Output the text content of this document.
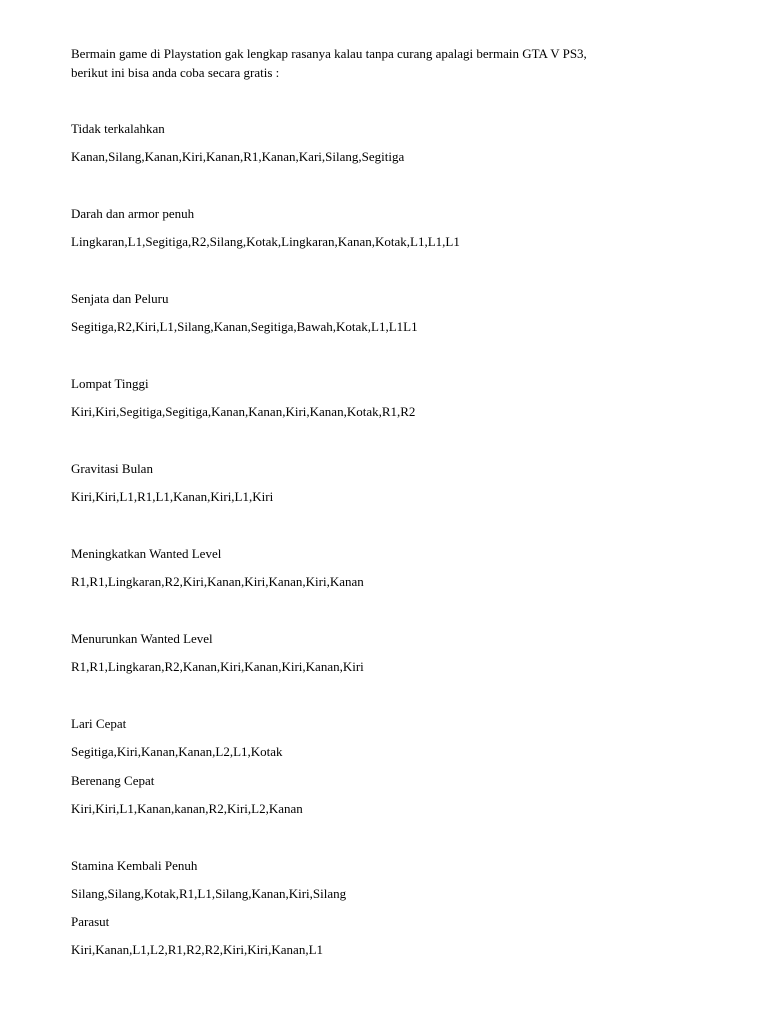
Bermain game di Playstation gak lengkap rasanya kalau tanpa curang apalagi bermain GTA V PS3,
berikut ini bisa anda coba secara gratis :

Tidak terkalahkan

Kanan,Silang,Kanan,Kiri,Kanan,R1,Kanan,Kari,Silang,Segitiga

Darah dan armor penuh

Lingkaran,L1,Segitiga,R2,Silang,Kotak,Lingkaran,Kanan,Kotak,L1,L1,L1

Senjata dan Peluru

Segitiga,R2,Kiri,L1,Silang,Kanan,Segitiga,Bawah,Kotak,L1,L1L1

Lompat Tinggi

Kiri,Kiri,Segitiga,Segitiga,Kanan,Kanan,Kiri,Kanan,Kotak,R1,R2

Gravitasi Bulan

Kiri,Kiri,L1,R1,L1,Kanan,Kiri,L1,Kiri

Meningkatkan Wanted Level

R1,R1,Lingkaran,R2,Kiri,Kanan,Kiri,Kanan,Kiri,Kanan

Menurunkan Wanted Level

R1,R1,Lingkaran,R2,Kanan,Kiri,Kanan,Kiri,Kanan,Kiri

Lari Cepat

Segitiga,Kiri,Kanan,Kanan,L2,L1,Kotak

Berenang Cepat

Kiri,Kiri,L1,Kanan,kanan,R2,Kiri,L2,Kanan

Stamina Kembali Penuh

Silang,Silang,Kotak,R1,L1,Silang,Kanan,Kiri,Silang

Parasut

Kiri,Kanan,L1,L2,R1,R2,R2,Kiri,Kiri,Kanan,L1
